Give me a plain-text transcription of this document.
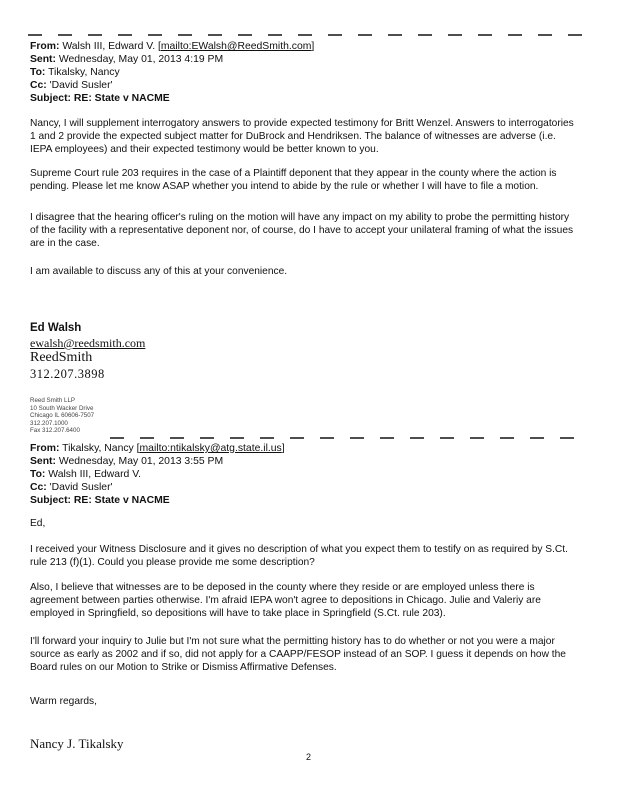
From: Walsh III, Edward V. [mailto:EWalsh@ReedSmith.com]
Sent: Wednesday, May 01, 2013 4:19 PM
To: Tikalsky, Nancy
Cc: 'David Susler'
Subject: RE: State v NACME
Nancy, I will supplement interrogatory answers to provide expected testimony for Britt Wenzel. Answers to interrogatories 1 and 2 provide the expected subject matter for DuBrock and Hendriksen. The balance of witnesses are adverse (i.e. IEPA employees) and their expected testimony would be better known to you.
Supreme Court rule 203 requires in the case of a Plaintiff deponent that they appear in the county where the action is pending. Please let me know ASAP whether you intend to abide by the rule or whether I will have to file a motion.
I disagree that the hearing officer's ruling on the motion will have any impact on my ability to probe the permitting history of the facility with a representative deponent nor, of course, do I have to accept your unilateral framing of what the issues are in the case.
I am available to discuss any of this at your convenience.
Ed Walsh
ewalsh@reedsmith.com
ReedSmith
312.207.3898
Reed Smith LLP
10 South Wacker Drive
Chicago IL 60606-7507
312.207.1000
Fax 312.207.6400
From: Tikalsky, Nancy [mailto:ntikalsky@atg.state.il.us]
Sent: Wednesday, May 01, 2013 3:55 PM
To: Walsh III, Edward V.
Cc: 'David Susler'
Subject: RE: State v NACME
Ed,
I received your Witness Disclosure and it gives no description of what you expect them to testify on as required by S.Ct. rule 213 (f)(1). Could you please provide me some description?
Also, I believe that witnesses are to be deposed in the county where they reside or are employed unless there is agreement between parties otherwise. I'm afraid IEPA won't agree to depositions in Chicago. Julie and Valeriy are employed in Springfield, so depositions will have to take place in Springfield (S.Ct. rule 203).
I'll forward your inquiry to Julie but I'm not sure what the permitting history has to do whether or not you were a major source as early as 2002 and if so, did not apply for a CAAPP/FESOP instead of an SOP. I guess it depends on how the Board rules on our Motion to Strike or Dismiss Affirmative Defenses.
Warm regards,
Nancy J. Tikalsky
2
